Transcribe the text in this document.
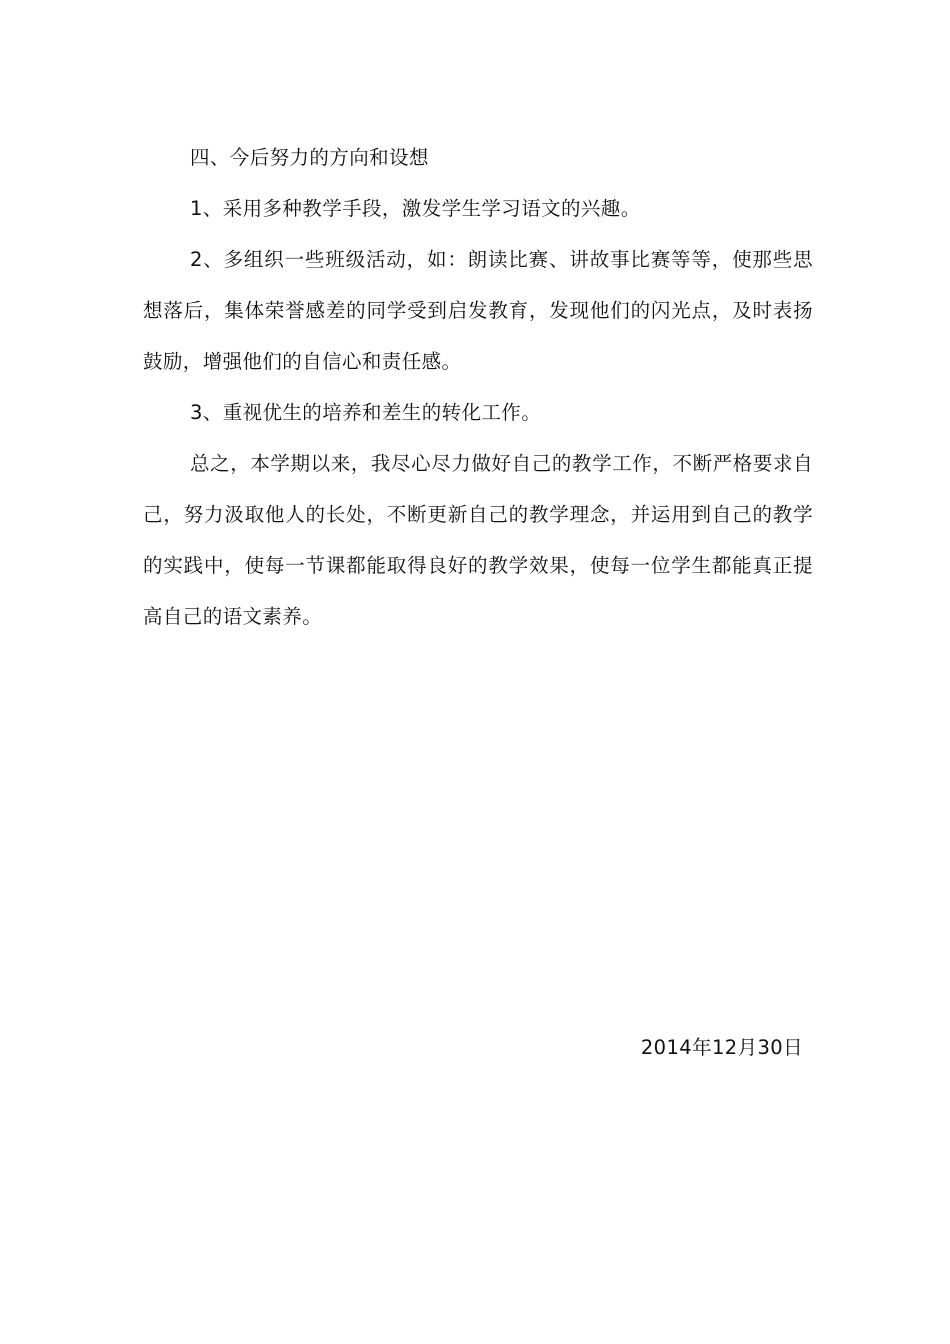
四、今后努力的方向和设想

1、采用多种教学手段，激发学生学习语文的兴趣。

2、多组织一些班级活动，如：朗读比赛、讲故事比赛等等，使那些思想落后，集体荣誉感差的同学受到启发教育，发现他们的闪光点，及时表扬鼓励，增强他们的自信心和责任感。

3、重视优生的培养和差生的转化工作。

总之，本学期以来，我尽心尽力做好自己的教学工作，不断严格要求自己，努力汲取他人的长处，不断更新自己的教学理念，并运用到自己的教学的实践中，使每一节课都能取得良好的教学效果，使每一位学生都能真正提高自己的语文素养。

2014年12月30日
